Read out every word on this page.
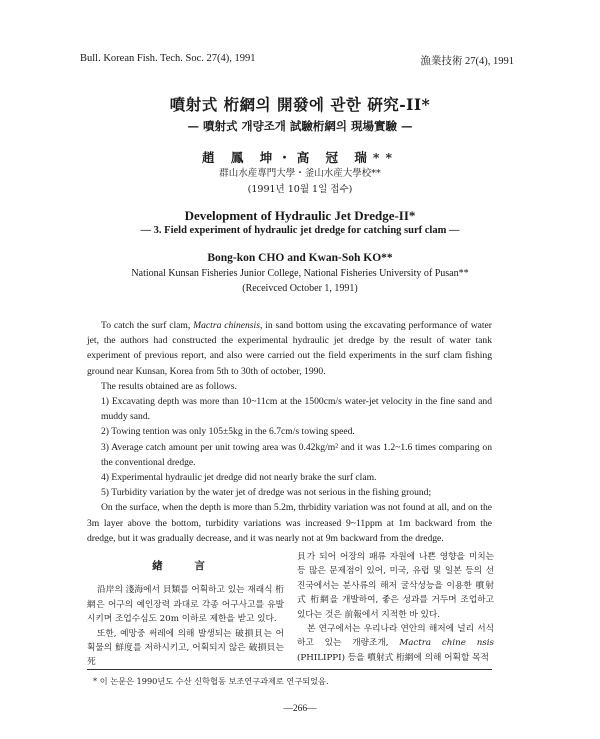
Bull. Korean Fish. Tech. Soc. 27(4), 1991	漁業技術 27(4), 1991
噴射式 桁網의 開發에 관한 硏究-II*
— 噴射式 개량조개 試驗桁網의 現場實驗 —
趙 鳳 坤・高 冠 瑞**
群山水産專門大學・釜山水産大學校**
(1991년 10월 1일 접수)
Development of Hydraulic Jet Dredge-II*
— 3. Field experiment of hydraulic jet dredge for catching surf clam —
Bong-kon CHO and Kwan-Soh KO**
National Kunsan Fisheries Junior College, National Fisheries University of Pusan**
(Receivced October 1, 1991)

To catch the surf clam, Mactra chinensis, in sand bottom using the excavating performance of water jet, the authors had constructed the experimental hydraulic jet dredge by the result of water tank experiment of previous report, and also were carried out the field experiments in the surf clam fishing ground near Kunsan, Korea from 5th to 30th of october, 1990.

The results obtained are as follows.

1) Excavating depth was more than 10~11cm at the 1500cm/s water-jet velocity in the fine sand and muddy sand.

2) Towing tention was only 105±5kg in the 6.7cm/s towing speed.

3) Average catch amount per unit towing area was 0.42kg/m² and it was 1.2~1.6 times comparing on the conventional dredge.

4) Experimental hydraulic jet dredge did not nearly brake the surf clam.

5) Turbidity variation by the water jet of dredge was not serious in the fishing ground;

On the surface, when the depth is more than 5.2m, thrbidity variation was not found at all, and on the 3m layer above the bottom, turbidity variations was increased 9~11ppm at 1m backward from the dredge, but it was gradually decrease, and it was nearly not at 9m backward from the dredge.

緖 言

沿岸의 淺海에서 貝類를 어획하고 있는 재래식 桁網은 어구의 예인장력 과대로 각종 어구사고를 유발시키며 조업수심도 20m 이하로 제한을 받고 있다.

또한, 예망중 써레에 의해 발생되는 破損貝는 어획물의 鮮度를 저하시키고, 어획되지 않은 破損貝는 死

貝가 되어 어장의 패류 자원에 나쁜 영향을 미치는 등 많은 문제점이 있어, 미국, 유럽 및 일본 등의 선진국에서는 분사류의 해저 굴삭성능을 이용한 噴射式 桁網을 개발하여, 좋은 성과를 거두며 조업하고 있다는 것은 前報에서 지적한 바 있다.

본 연구에서는 우리나라 연안의 해저에 널리 서식하고 있는 개량조개, Mactra chine nsis (PHILIPPI) 등을 噴射式 桁網에 의해 어획할 목적

* 이 논문은 1990년도 수산 신학협동 보조연구과제로 연구되었음.
—266—
